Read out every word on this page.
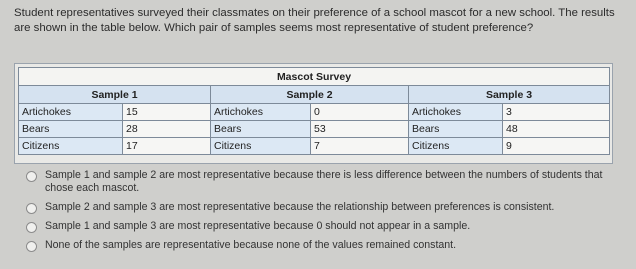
Student representatives surveyed their classmates on their preference of a school mascot for a new school. The results are shown in the table below. Which pair of samples seems most representative of student preference?
Mascot Survey					
Sample 1		Sample 2		Sample 3	
Artichokes	15	Artichokes	0	Artichokes	3
Bears	28	Bears	53	Bears	48
Citizens	17	Citizens	7	Citizens	9
Sample 1 and sample 2 are most representative because there is less difference between the numbers of students that chose each mascot.
Sample 2 and sample 3 are most representative because the relationship between preferences is consistent.
Sample 1 and sample 3 are most representative because 0 should not appear in a sample.
None of the samples are representative because none of the values remained constant.
